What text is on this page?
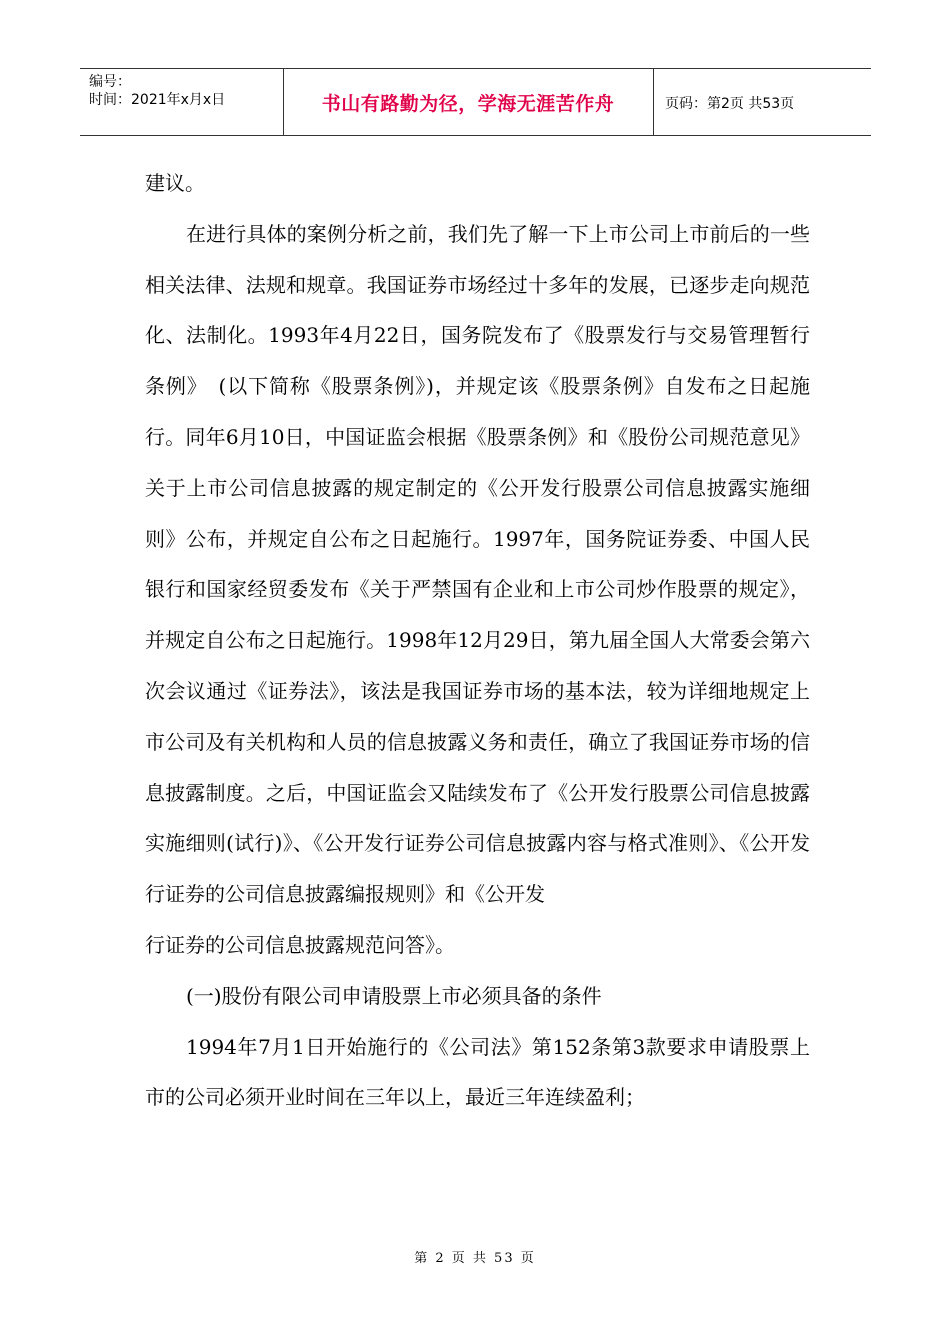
编号：
时间：2021年x月x日	书山有路勤为径，学海无涯苦作舟	页码：第2页 共53页

建议。

在进行具体的案例分析之前，我们先了解一下上市公司上市前后的一些相关法律、法规和规章。我国证券市场经过十多年的发展，已逐步走向规范化、法制化。1993年4月22日，国务院发布了《股票发行与交易管理暂行条例》　(以下简称《股票条例》)，并规定该《股票条例》自发布之日起施行。同年6月10日，中国证监会根据《股票条例》和《股份公司规范意见》关于上市公司信息披露的规定制定的《公开发行股票公司信息披露实施细则》公布，并规定自公布之日起施行。1997年，国务院证券委、中国人民银行和国家经贸委发布《关于严禁国有企业和上市公司炒作股票的规定》，并规定自公布之日起施行。1998年12月29日，第九届全国人大常委会第六次会议通过《证券法》，该法是我国证券市场的基本法，较为详细地规定上市公司及有关机构和人员的信息披露义务和责任，确立了我国证券市场的信息披露制度。之后，中国证监会又陆续发布了《公开发行股票公司信息披露实施细则(试行)》、《公开发行证券公司信息披露内容与格式准则》、《公开发行证券的公司信息披露编报规则》和《公开发

行证券的公司信息披露规范问答》。

(一)股份有限公司申请股票上市必须具备的条件

1994年7月1日开始施行的《公司法》第152条第3款要求申请股票上市的公司必须开业时间在三年以上，最近三年连续盈利；

第 2 页 共 53 页
